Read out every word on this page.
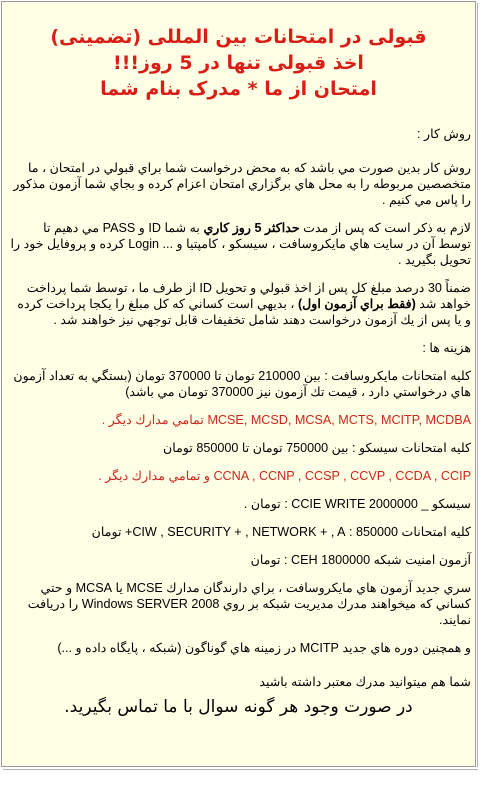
قبولی در امتحانات بین المللی (تضمینی)
اخذ قبولی تنها در 5 روز!!!
امتحان از ما * مدرک بنام شما

روش کار :

روش كار بدين صورت مي باشد كه به محض درخواست شما براي قبولي در امتحان ، ما متخصصين مربوطه را به محل هاي برگزاري امتحان اعزام كرده و بجاي شما آزمون مذكور را پاس مي كنيم .

لازم به ذكر است كه پس از مدت حداكثر 5 روز كاري به شما ID و PASS مي دهيم تا توسط آن در سايت هاي مايكروسافت ، سيسكو ، كامپتيا و ... Login كرده و پروفايل خود را تحويل بگيريد .

ضمناً 30 درصد مبلغ كل پس از اخذ قبولي و تحويل ID از طرف ما ، توسط شما پرداخت خواهد شد (فقط براي آزمون اول) ، بديهي است كساني كه كل مبلغ را يكجا پرداخت كرده و يا پس از يك آزمون درخواست دهند شامل تخفيفات قابل توجهي نيز خواهند شد .

هزينه ها :

كليه امتحانات مايكروسافت : بين 210000 تومان تا 370000 تومان (بستگي به تعداد آزمون هاي درخواستي دارد ، قيمت تك آزمون نيز 370000 تومان مي باشد)

MCSE, MCSD, MCSA, MCTS, MCITP, MCDBA تمامي مدارك ديگر .

كليه امتحانات سيسكو : بين 750000 تومان تا 850000 تومان

CCNA , CCNP , CCSP , CCVP , CCDA , CCIP و تمامي مدارك ديگر .

سيسكو _ CCIE WRITE 2000000 : تومان .

كليه امتحانات 850000 : CIW , SECURITY + , NETWORK + , A+ تومان

آزمون امنيت شبكه CEH 1800000 : تومان

سري جديد آزمون هاي مايكروسافت ، براي دارندگان مدارك MCSE يا MCSA و حتي كساني كه ميخواهند مدرك مديريت شبكه بر روي Windows SERVER 2008 را دريافت نمايند.

و همچنين دوره هاي جديد MCITP در زمينه هاي گوناگون (شبكه ، پايگاه داده و ...)

شما هم ميتوانيد مدرك معتبر داشته باشيد

در صورت وجود هر گونه سوال با ما تماس بگیرید.
